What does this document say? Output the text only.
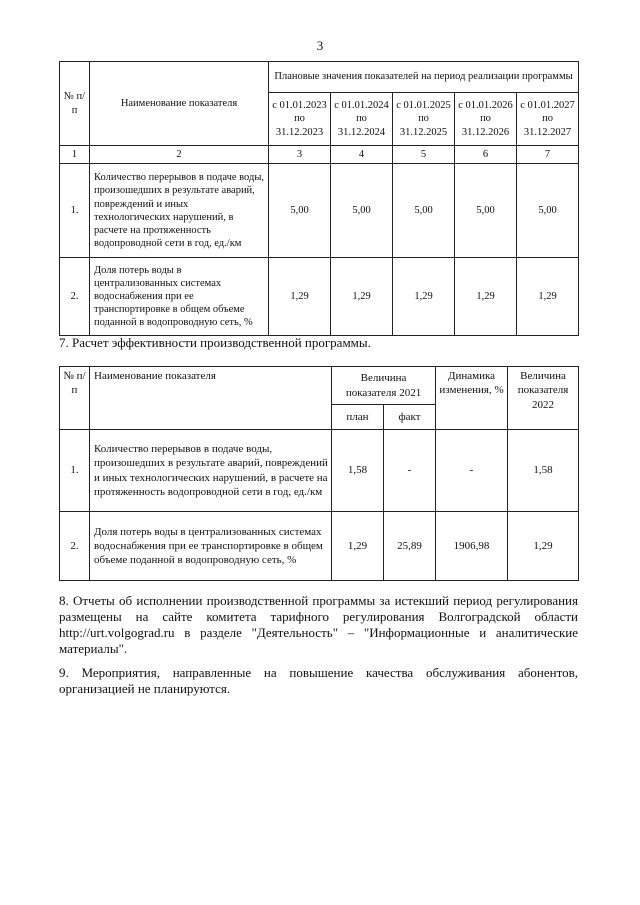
3
№ п/п	Наименование показателя	Плановые значения показателей на период реализации программы				
		с 01.01.2023 по 31.12.2023	с 01.01.2024 по 31.12.2024	с 01.01.2025 по 31.12.2025	с 01.01.2026 по 31.12.2026	с 01.01.2027 по 31.12.2027
1	2	3	4	5	6	7
1.	Количество перерывов в подаче воды, произошедших в результате аварий, повреждений и иных технологических нарушений, в расчете на протяженность водопроводной сети в год, ед./км	5,00	5,00	5,00	5,00	5,00
2.	Доля потерь воды в централизованных системах водоснабжения при ее транспортировке в общем объеме поданной в водопроводную сеть, %	1,29	1,29	1,29	1,29	1,29
7. Расчет эффективности производственной программы.
№ п/п	Наименование показателя	Величина показателя 2021		Динамика изменения, %	Величина показателя 2022
		план	факт		
1.	Количество перерывов в подаче воды, произошедших в результате аварий, повреждений и иных технологических нарушений, в расчете на протяженность водопроводной сети в год, ед./км	1,58	-	-	1,58
2.	Доля потерь воды в централизованных системах водоснабжения при ее транспортировке в общем объеме поданной в водопроводную сеть, %	1,29	25,89	1906,98	1,29
8. Отчеты об исполнении производственной программы за истекший период регулирования размещены на сайте комитета тарифного регулирования Волгоградской области http://urt.volgograd.ru в разделе "Деятельность" – "Информационные и аналитические материалы".
9. Мероприятия, направленные на повышение качества обслуживания абонентов, организацией не планируются.
